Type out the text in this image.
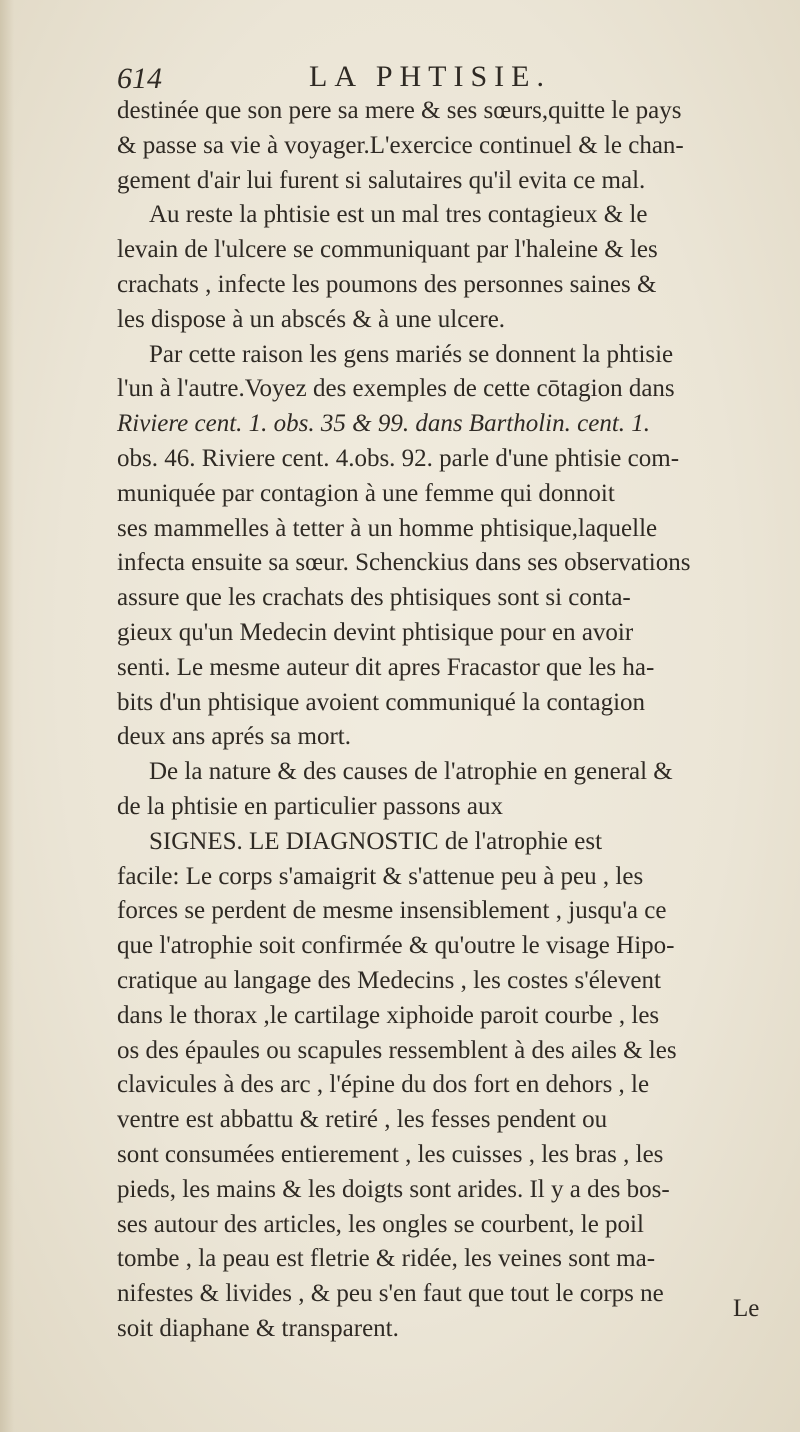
614	LA PHTISIE.
destinée que son pere sa mere & ses sœurs,quitte le pays
& passe sa vie à voyager.L'exercice continuel & le chan-
gement d'air lui furent si salutaires qu'il evita ce mal.
Au reste la phtisie est un mal tres contagieux & le
levain de l'ulcere se communiquant par l'haleine & les
crachats , infecte les poumons des personnes saines &
les dispose à un abscés & à une ulcere.
Par cette raison les gens mariés se donnent la phtisie
l'un à l'autre.Voyez des exemples de cette cōtagion dans
Riviere cent. 1. obs. 35 & 99. dans Bartholin. cent. 1.
obs. 46. Riviere cent. 4.obs. 92. parle d'une phtisie com-
muniquée par contagion à une femme qui donnoit
ses mammelles à tetter à un homme phtisique,laquelle
infecta ensuite sa sœur. Schenckius dans ses observations
assure que les crachats des phtisiques sont si conta-
gieux qu'un Medecin devint phtisique pour en avoir
senti. Le mesme auteur dit apres Fracastor que les ha-
bits d'un phtisique avoient communiqué la contagion
deux ans aprés sa mort.
De la nature & des causes de l'atrophie en general &
de la phtisie en particulier passons aux
SIGNES. LE DIAGNOSTIC de l'atrophie est
facile: Le corps s'amaigrit & s'attenue peu à peu , les
forces se perdent de mesme insensiblement , jusqu'a ce
que l'atrophie soit confirmée & qu'outre le visage Hipo-
cratique au langage des Medecins , les costes s'élevent
dans le thorax ,le cartilage xiphoide paroit courbe , les
os des épaules ou scapules ressemblent à des ailes & les
clavicules à des arc , l'épine du dos fort en dehors , le
ventre est abbattu & retiré , les fesses pendent ou
sont consumées entierement , les cuisses , les bras , les
pieds, les mains & les doigts sont arides. Il y a des bos-
ses autour des articles, les ongles se courbent, le poil
tombe , la peau est fletrie & ridée, les veines sont ma-
nifestes & livides , & peu s'en faut que tout le corps ne
soit diaphane & transparent.
Le
